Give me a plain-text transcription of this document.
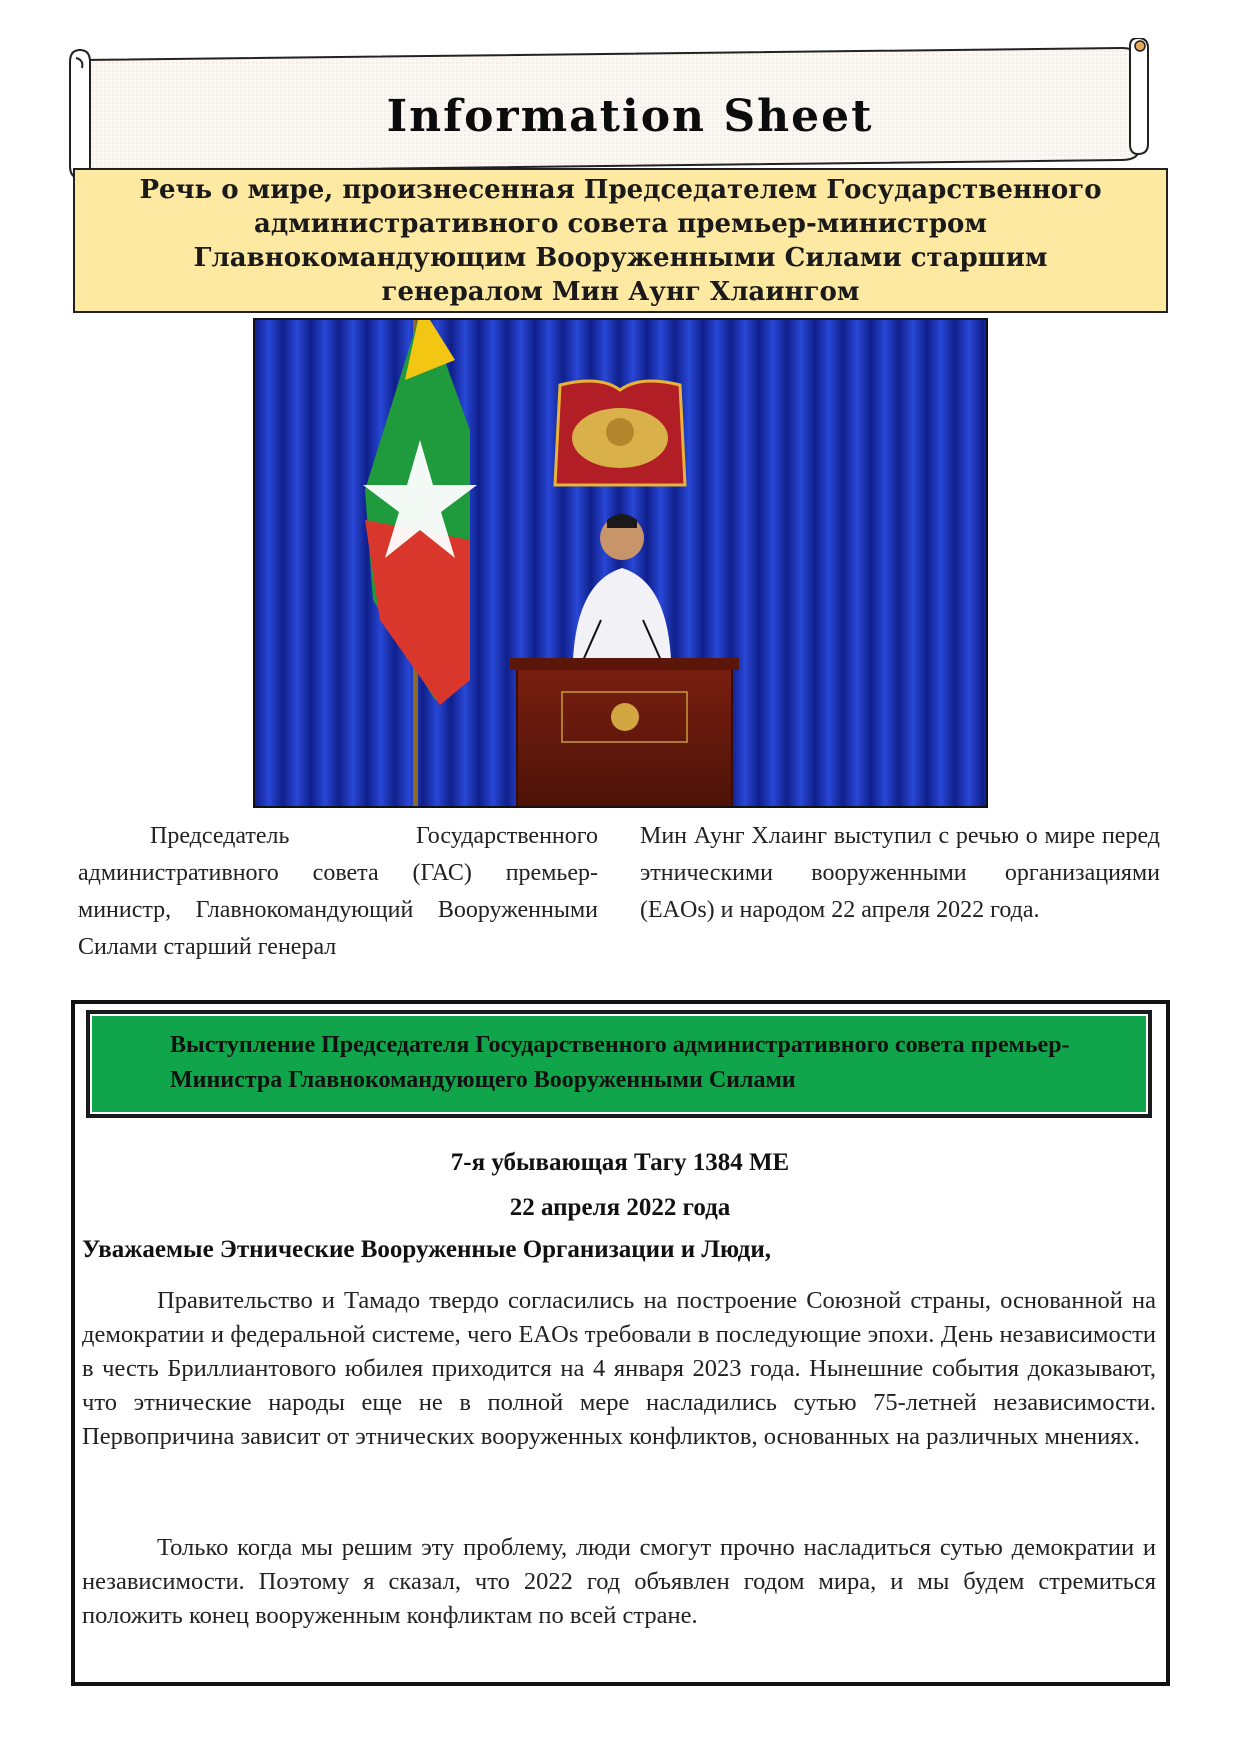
Information Sheet
Речь о мире, произнесенная Председателем Государственного административного совета премьер-министром Главнокомандующим Вооруженными Силами старшим генералом Мин Аунг Хлаингом
Председатель Государственного административного совета (ГАС) премьер-министр, Главнокомандующий Вооруженными Силами старший генерал
Мин Аунг Хлаинг выступил с речью о мире перед этническими вооруженными организациями (EAOs) и народом 22 апреля 2022 года.
Выступление Председателя Государственного административного совета премьер-Министра Главнокомандующего Вооруженными Силами
7-я убывающая Тагу 1384 МЕ
22 апреля 2022 года
Уважаемые Этнические Вооруженные Организации и Люди,
Правительство и Тамадо твердо согласились на построение Союзной страны, основанной на демократии и федеральной системе, чего EAOs требовали в последующие эпохи. День независимости в честь Бриллиантового юбилея приходится на 4 января 2023 года. Нынешние события доказывают, что этнические народы еще не в полной мере насладились сутью 75-летней независимости. Первопричина зависит от этнических вооруженных конфликтов, основанных на различных мнениях.
Только когда мы решим эту проблему, люди смогут прочно насладиться сутью демократии и независимости. Поэтому я сказал, что 2022 год объявлен годом мира, и мы будем стремиться положить конец вооруженным конфликтам по всей стране.
